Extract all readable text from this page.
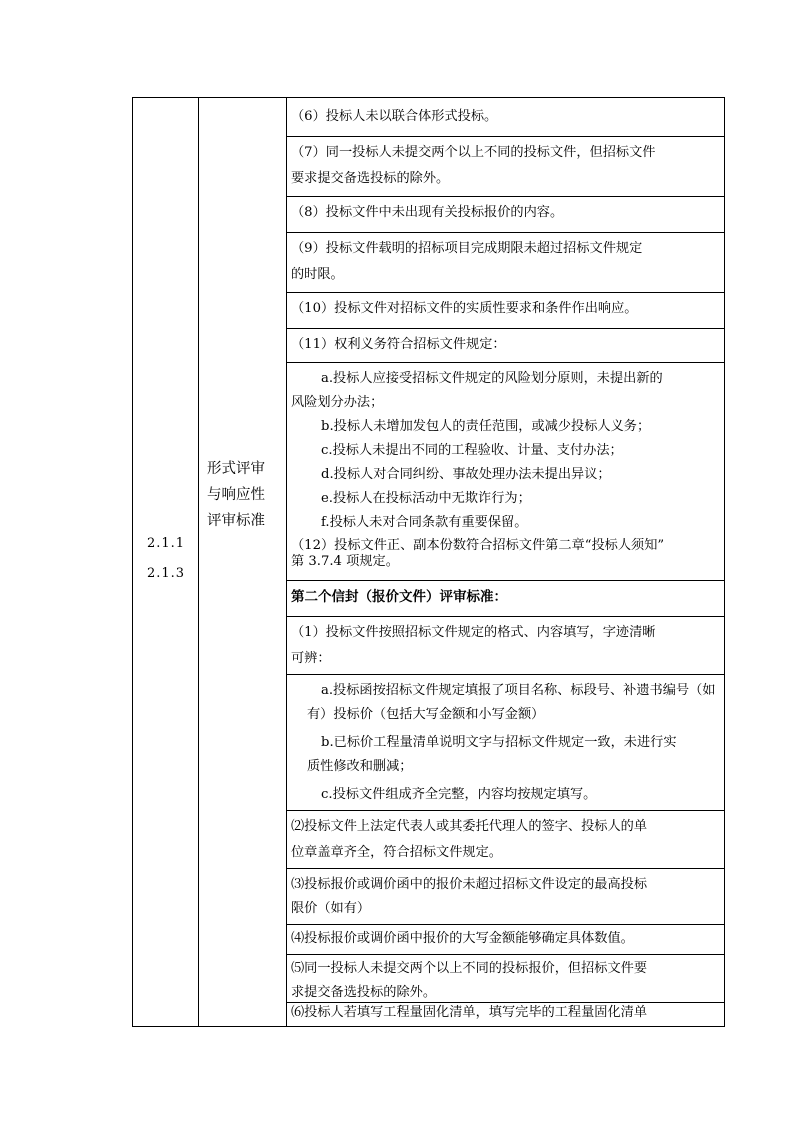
2.1.1
2.1.3
形式评审
与响应性
评审标准
（6）投标人未以联合体形式投标。
（7）同一投标人未提交两个以上不同的投标文件，但招标文件
要求提交备选投标的除外。
（8）投标文件中未出现有关投标报价的内容。
（9）投标文件载明的招标项目完成期限未超过招标文件规定
的时限。
（10）投标文件对招标文件的实质性要求和条件作出响应。
（11）权利义务符合招标文件规定：
a.投标人应接受招标文件规定的风险划分原则，未提出新的
风险划分办法；
b.投标人未增加发包人的责任范围，或减少投标人义务；
c.投标人未提出不同的工程验收、计量、支付办法；
d.投标人对合同纠纷、事故处理办法未提出异议；
e.投标人在投标活动中无欺诈行为；
f.投标人未对合同条款有重要保留。
（12）投标文件正、副本份数符合招标文件第二章“投标人须知”
第 3.7.4 项规定。
第二个信封（报价文件）评审标准：
（1）投标文件按照招标文件规定的格式、内容填写，字迹清晰
可辨：
a.投标函按招标文件规定填报了项目名称、标段号、补遗书编号（如
有）投标价（包括大写金额和小写金额）
b.已标价工程量清单说明文字与招标文件规定一致，未进行实
质性修改和删减；
c.投标文件组成齐全完整，内容均按规定填写。
⑵投标文件上法定代表人或其委托代理人的签字、投标人的单
位章盖章齐全，符合招标文件规定。
⑶投标报价或调价函中的报价未超过招标文件设定的最高投标
限价（如有）
⑷投标报价或调价函中报价的大写金额能够确定具体数值。
⑸同一投标人未提交两个以上不同的投标报价，但招标文件要
求提交备选投标的除外。
⑹投标人若填写工程量固化清单，填写完毕的工程量固化清单
